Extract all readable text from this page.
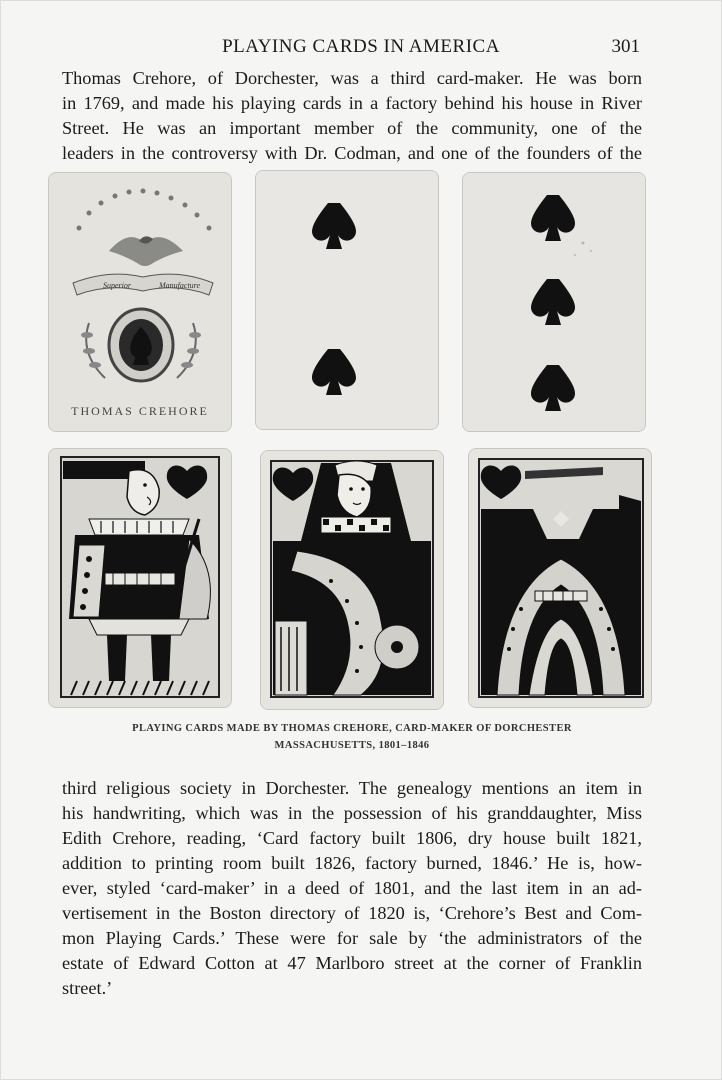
PLAYING CARDS IN AMERICA	301

Thomas Crehore, of Dorchester, was a third card-maker. He was born
in 1769, and made his playing cards in a factory behind his house in River
Street. He was an important member of the community, one of the
leaders in the controversy with Dr. Codman, and one of the founders of the

Superior	Manufacture
THOMAS CREHORE
PLAYING CARDS MADE BY THOMAS CREHORE, CARD-MAKER OF DORCHESTER
MASSACHUSETTS, 1801–1846

third religious society in Dorchester. The genealogy mentions an item in
his handwriting, which was in the possession of his granddaughter, Miss
Edith Crehore, reading, ‘Card factory built 1806, dry house built 1821,
addition to printing room built 1826, factory burned, 1846.’ He is, how-
ever, styled ‘card-maker’ in a deed of 1801, and the last item in an ad-
vertisement in the Boston directory of 1820 is, ‘Crehore’s Best and Com-
mon Playing Cards.’ These were for sale by ‘the administrators of the
estate of Edward Cotton at 47 Marlboro street at the corner of Franklin
street.’
